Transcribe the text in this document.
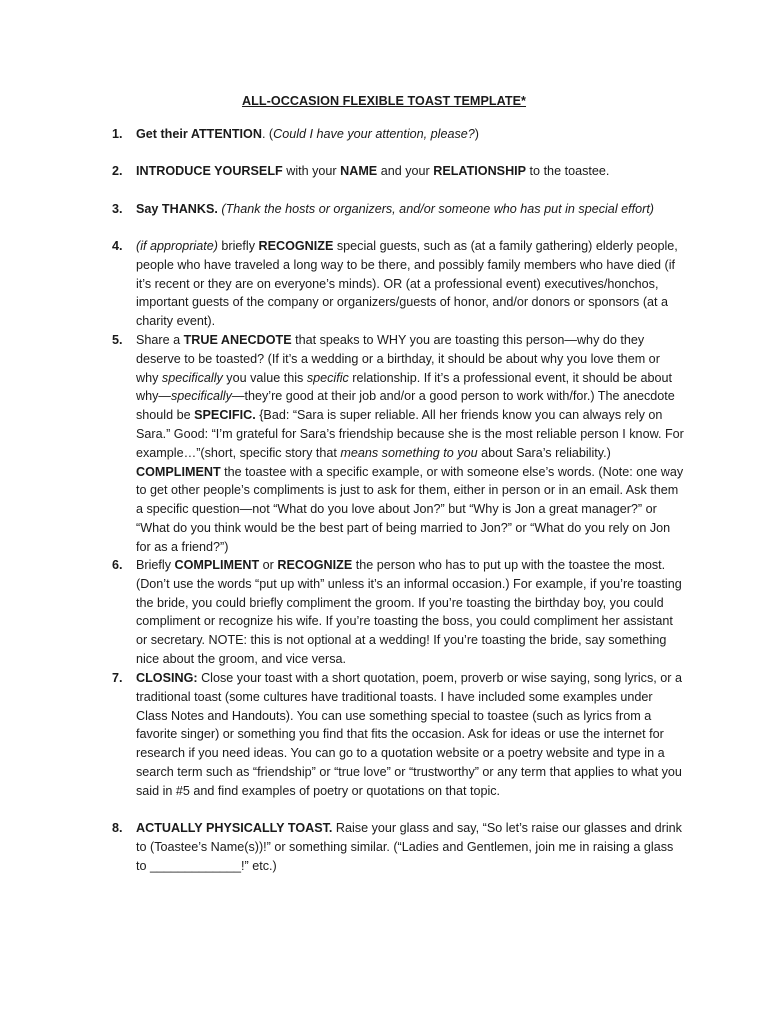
ALL-OCCASION FLEXIBLE TOAST TEMPLATE*
1. Get their ATTENTION. (Could I have your attention, please?)
2. INTRODUCE YOURSELF with your NAME and your RELATIONSHIP to the toastee.
3. Say THANKS. (Thank the hosts or organizers, and/or someone who has put in special effort)
4. (if appropriate) briefly RECOGNIZE special guests, such as (at a family gathering) elderly people, people who have traveled a long way to be there, and possibly family members who have died (if it’s recent or they are on everyone’s minds). OR (at a professional event) executives/honchos, important guests of the company or organizers/guests of honor, and/or donors or sponsors (at a charity event).
5. Share a TRUE ANECDOTE that speaks to WHY you are toasting this person—why do they deserve to be toasted? (If it’s a wedding or a birthday, it should be about why you love them or why specifically you value this specific relationship. If it’s a professional event, it should be about why—specifically—they’re good at their job and/or a good person to work with/for.) The anecdote should be SPECIFIC. {Bad: “Sara is super reliable. All her friends know you can always rely on Sara.” Good: “I’m grateful for Sara’s friendship because she is the most reliable person I know. For example…”(short, specific story that means something to you about Sara’s reliability.) COMPLIMENT the toastee with a specific example, or with someone else’s words. (Note: one way to get other people’s compliments is just to ask for them, either in person or in an email. Ask them a specific question—not “What do you love about Jon?” but “Why is Jon a great manager?” or “What do you think would be the best part of being married to Jon?” or “What do you rely on Jon for as a friend?”)
6. Briefly COMPLIMENT or RECOGNIZE the person who has to put up with the toastee the most. (Don’t use the words “put up with” unless it’s an informal occasion.) For example, if you’re toasting the bride, you could briefly compliment the groom. If you’re toasting the birthday boy, you could compliment or recognize his wife. If you’re toasting the boss, you could compliment her assistant or secretary. NOTE: this is not optional at a wedding! If you’re toasting the bride, say something nice about the groom, and vice versa.
7. CLOSING: Close your toast with a short quotation, poem, proverb or wise saying, song lyrics, or a traditional toast (some cultures have traditional toasts. I have included some examples under Class Notes and Handouts). You can use something special to toastee (such as lyrics from a favorite singer) or something you find that fits the occasion. Ask for ideas or use the internet for research if you need ideas. You can go to a quotation website or a poetry website and type in a search term such as “friendship” or “true love” or “trustworthy” or any term that applies to what you said in #5 and find examples of poetry or quotations on that topic.
8. ACTUALLY PHYSICALLY TOAST. Raise your glass and say, “So let’s raise our glasses and drink to (Toastee’s Name(s))!” or something similar. (“Ladies and Gentlemen, join me in raising a glass to _____________!” etc.)
